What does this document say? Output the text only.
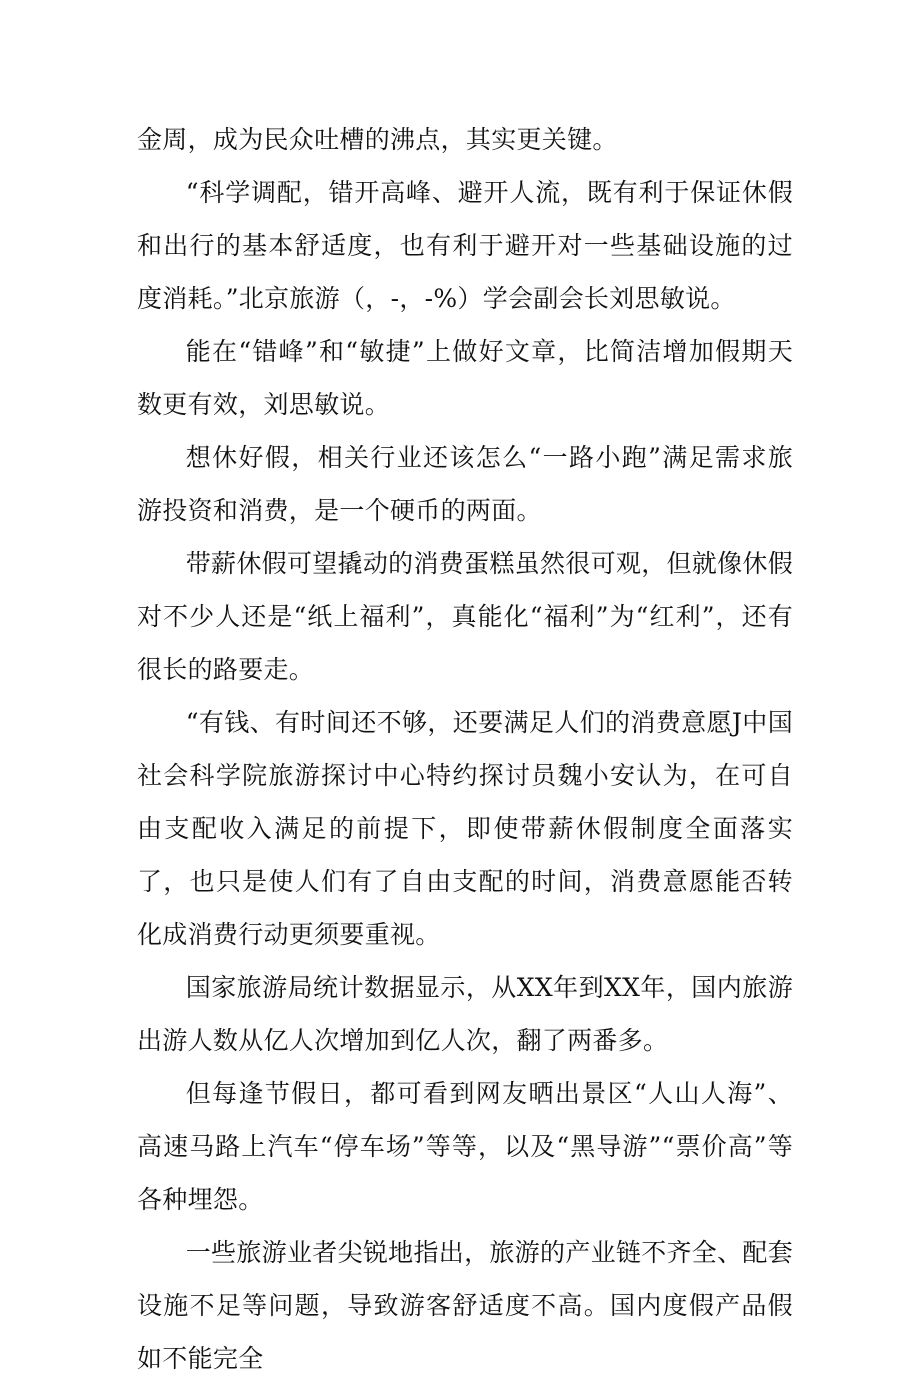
金周，成为民众吐槽的沸点，其实更关键。

“科学调配，错开高峰、避开人流，既有利于保证休假和出行的基本舒适度，也有利于避开对一些基础设施的过度消耗。”北京旅游（，-，-%）学会副会长刘思敏说。

能在“错峰”和“敏捷”上做好文章，比简洁增加假期天数更有效，刘思敏说。

想休好假，相关行业还该怎么“一路小跑”满足需求旅游投资和消费，是一个硬币的两面。

带薪休假可望撬动的消费蛋糕虽然很可观，但就像休假对不少人还是“纸上福利”，真能化“福利”为“红利”，还有很长的路要走。

“有钱、有时间还不够，还要满足人们的消费意愿J中国社会科学院旅游探讨中心特约探讨员魏小安认为，在可自由支配收入满足的前提下，即使带薪休假制度全面落实了，也只是使人们有了自由支配的时间，消费意愿能否转化成消费行动更须要重视。

国家旅游局统计数据显示，从XX年到XX年，国内旅游出游人数从亿人次增加到亿人次，翻了两番多。

但每逢节假日，都可看到网友晒出景区“人山人海”、高速马路上汽车“停车场”等等，以及“黑导游”“票价高”等各种埋怨。

一些旅游业者尖锐地指出，旅游的产业链不齐全、配套设施不足等问题，导致游客舒适度不高。国内度假产品假如不能完全
